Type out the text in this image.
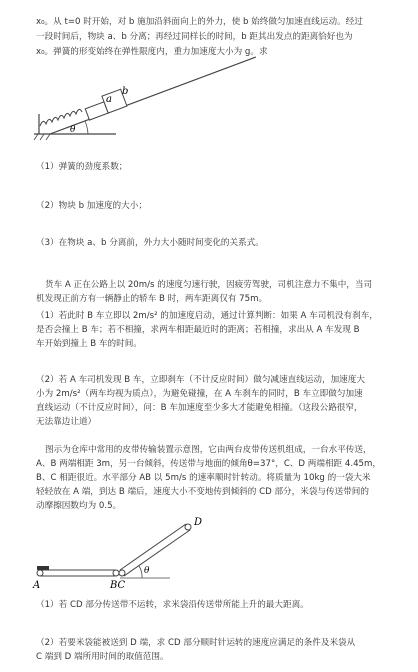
x₀。从 t=0 时开始，对 b 施加沿斜面向上的外力，使 b 始终做匀加速直线运动。经过
一段时间后，物块 a、b 分离；再经过同样长的时间，b 距其出发点的距离恰好也为
x₀。弹簧的形变始终在弹性限度内，重力加速度大小为 g。求
a
b
θ
（1）弹簧的劲度系数；
（2）物块 b 加速度的大小；
（3）在物块 a、b 分离前，外力大小随时间变化的关系式。
货车 A 正在公路上以 20m/s 的速度匀速行驶，因疲劳驾驶，司机注意力不集中，当司
机发现正前方有一辆静止的轿车 B 时，两车距离仅有 75m。
（1）若此时 B 车立即以 2m/s² 的加速度启动，通过计算判断：如果 A 车司机没有刹车，
是否会撞上 B 车；若不相撞，求两车相距最近时的距离；若相撞，求出从 A 车发现 B
车开始到撞上 B 车的时间。
（2）若 A 车司机发现 B 车，立即刹车（不计反应时间）做匀减速直线运动，加速度大
小为 2m/s²（两车均视为质点），为避免碰撞，在 A 车刹车的同时，B 车立即做匀加速
直线运动（不计反应时间），问：B 车加速度至少多大才能避免相撞。（这段公路很窄，
无法靠边让道）
图示为仓库中常用的皮带传输装置示意图，它由两台皮带传送机组成，一台水平传送，
A、B 两端相距 3m，另一台倾斜，传送带与地面的倾角θ=37°，C、D 两端相距 4.45m，
B、C 相距很近。水平部分 AB 以 5m/s 的速率顺时针转动。将质量为 10kg 的一袋大米
轻轻放在 A 端，到达 B 端后，速度大小不变地传到倾斜的 CD 部分，米袋与传送带间的
动摩擦因数均为 0.5。
A	BC
D
θ
（1）若 CD 部分传送带不运转，求米袋沿传送带所能上升的最大距离。
（2）若要米袋能被送到 D 端，求 CD 部分顺时针运转的速度应满足的条件及米袋从
C 端到 D 端所用时间的取值范围。
